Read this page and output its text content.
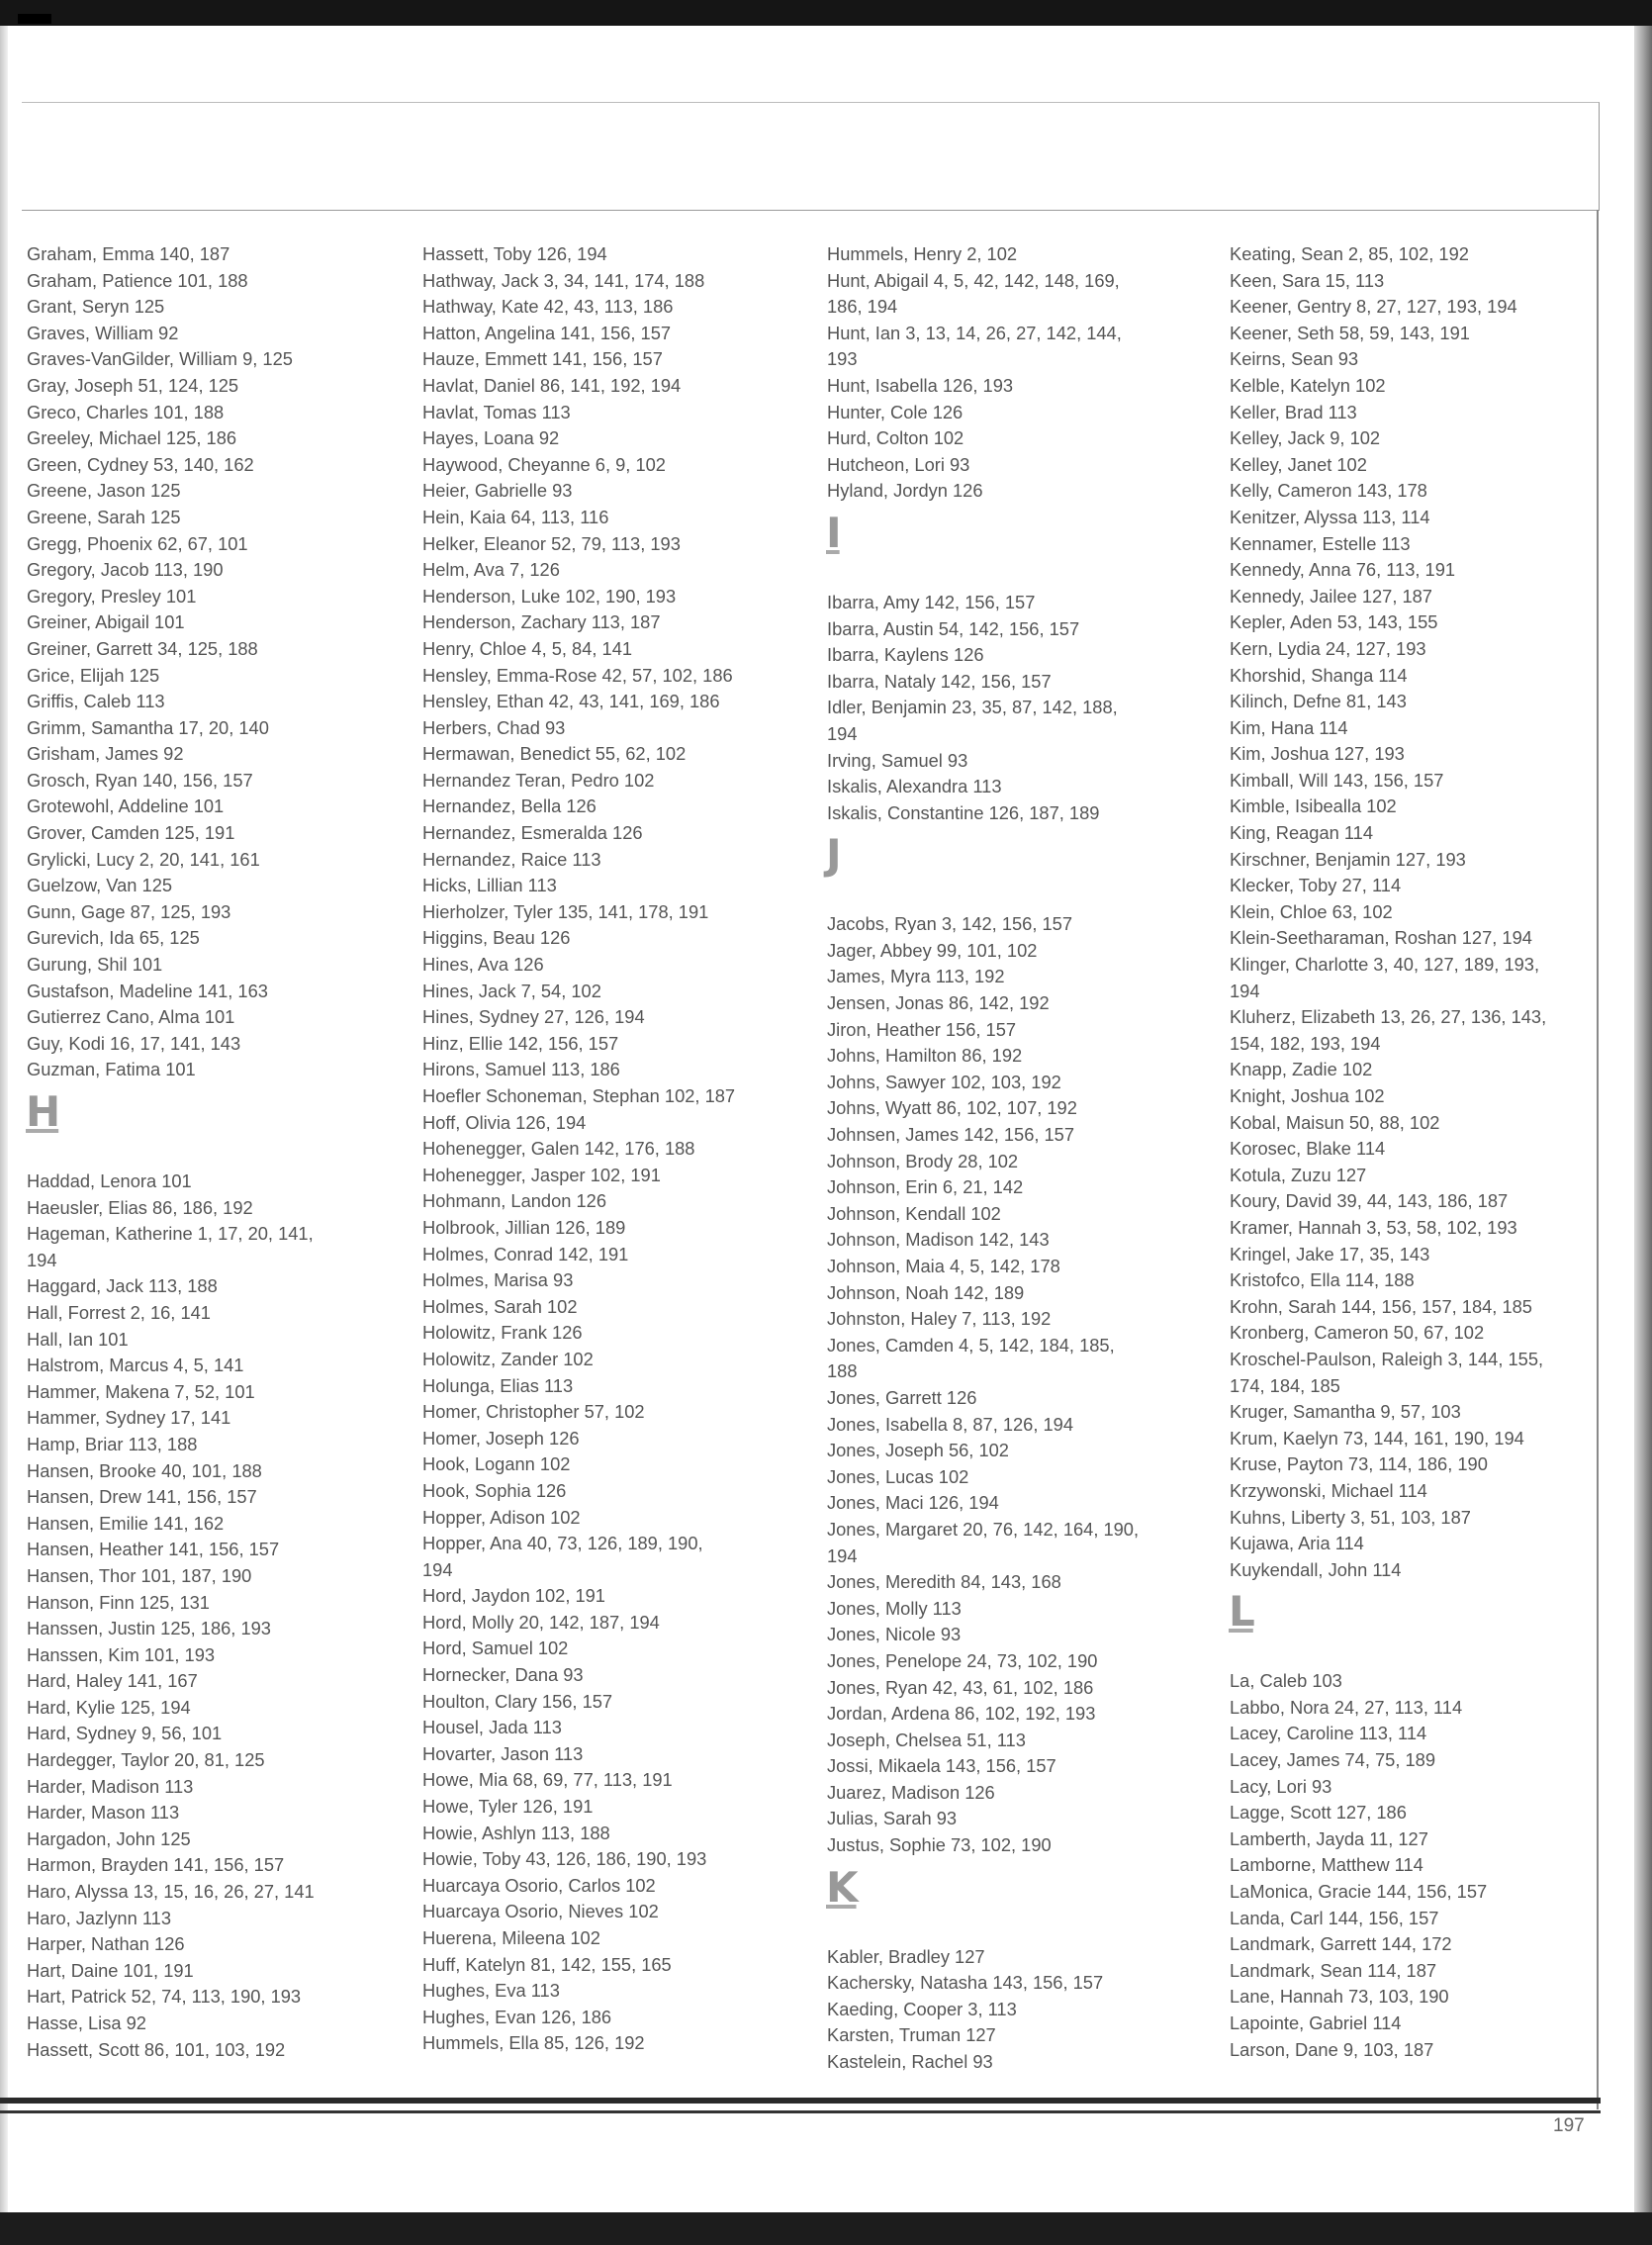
Graham, Emma 140, 187
Graham, Patience 101, 188
Grant, Seryn 125
Graves, William 92
Graves-VanGilder, William 9, 125
Gray, Joseph 51, 124, 125
Greco, Charles 101, 188
Greeley, Michael 125, 186
Green, Cydney 53, 140, 162
Greene, Jason 125
Greene, Sarah 125
Gregg, Phoenix 62, 67, 101
Gregory, Jacob 113, 190
Gregory, Presley 101
Greiner, Abigail 101
Greiner, Garrett 34, 125, 188
Grice, Elijah 125
Griffis, Caleb 113
Grimm, Samantha 17, 20, 140
Grisham, James 92
Grosch, Ryan 140, 156, 157
Grotewohl, Addeline 101
Grover, Camden 125, 191
Grylicki, Lucy 2, 20, 141, 161
Guelzow, Van 125
Gunn, Gage 87, 125, 193
Gurevich, Ida 65, 125
Gurung, Shil 101
Gustafson, Madeline 141, 163
Gutierrez Cano, Alma 101
Guy, Kodi 16, 17, 141, 143
Guzman, Fatima 101
H
Haddad, Lenora 101
Haeusler, Elias 86, 186, 192
Hageman, Katherine 1, 17, 20, 141,
194
Haggard, Jack 113, 188
Hall, Forrest 2, 16, 141
Hall, Ian 101
Halstrom, Marcus 4, 5, 141
Hammer, Makena 7, 52, 101
Hammer, Sydney 17, 141
Hamp, Briar 113, 188
Hansen, Brooke 40, 101, 188
Hansen, Drew 141, 156, 157
Hansen, Emilie 141, 162
Hansen, Heather 141, 156, 157
Hansen, Thor 101, 187, 190
Hanson, Finn 125, 131
Hanssen, Justin 125, 186, 193
Hanssen, Kim 101, 193
Hard, Haley 141, 167
Hard, Kylie 125, 194
Hard, Sydney 9, 56, 101
Hardegger, Taylor 20, 81, 125
Harder, Madison 113
Harder, Mason 113
Hargadon, John 125
Harmon, Brayden 141, 156, 157
Haro, Alyssa 13, 15, 16, 26, 27, 141
Haro, Jazlynn 113
Harper, Nathan 126
Hart, Daine 101, 191
Hart, Patrick 52, 74, 113, 190, 193
Hasse, Lisa 92
Hassett, Scott 86, 101, 103, 192
Hassett, Toby 126, 194
Hathway, Jack 3, 34, 141, 174, 188
Hathway, Kate 42, 43, 113, 186
Hatton, Angelina 141, 156, 157
Hauze, Emmett 141, 156, 157
Havlat, Daniel 86, 141, 192, 194
Havlat, Tomas 113
Hayes, Loana 92
Haywood, Cheyanne 6, 9, 102
Heier, Gabrielle 93
Hein, Kaia 64, 113, 116
Helker, Eleanor 52, 79, 113, 193
Helm, Ava 7, 126
Henderson, Luke 102, 190, 193
Henderson, Zachary 113, 187
Henry, Chloe 4, 5, 84, 141
Hensley, Emma-Rose 42, 57, 102, 186
Hensley, Ethan 42, 43, 141, 169, 186
Herbers, Chad 93
Hermawan, Benedict 55, 62, 102
Hernandez Teran, Pedro 102
Hernandez, Bella 126
Hernandez, Esmeralda 126
Hernandez, Raice 113
Hicks, Lillian 113
Hierholzer, Tyler 135, 141, 178, 191
Higgins, Beau 126
Hines, Ava 126
Hines, Jack 7, 54, 102
Hines, Sydney 27, 126, 194
Hinz, Ellie 142, 156, 157
Hirons, Samuel 113, 186
Hoefler Schoneman, Stephan 102, 187
Hoff, Olivia 126, 194
Hohenegger, Galen 142, 176, 188
Hohenegger, Jasper 102, 191
Hohmann, Landon 126
Holbrook, Jillian 126, 189
Holmes, Conrad 142, 191
Holmes, Marisa 93
Holmes, Sarah 102
Holowitz, Frank 126
Holowitz, Zander 102
Holunga, Elias 113
Homer, Christopher 57, 102
Homer, Joseph 126
Hook, Logann 102
Hook, Sophia 126
Hopper, Adison 102
Hopper, Ana 40, 73, 126, 189, 190,
194
Hord, Jaydon 102, 191
Hord, Molly 20, 142, 187, 194
Hord, Samuel 102
Hornecker, Dana 93
Houlton, Clary 156, 157
Housel, Jada 113
Hovarter, Jason 113
Howe, Mia 68, 69, 77, 113, 191
Howe, Tyler 126, 191
Howie, Ashlyn 113, 188
Howie, Toby 43, 126, 186, 190, 193
Huarcaya Osorio, Carlos 102
Huarcaya Osorio, Nieves 102
Huerena, Mileena 102
Huff, Katelyn 81, 142, 155, 165
Hughes, Eva 113
Hughes, Evan 126, 186
Hummels, Ella 85, 126, 192
Hummels, Henry 2, 102
Hunt, Abigail 4, 5, 42, 142, 148, 169,
186, 194
Hunt, Ian 3, 13, 14, 26, 27, 142, 144,
193
Hunt, Isabella 126, 193
Hunter, Cole 126
Hurd, Colton 102
Hutcheon, Lori 93
Hyland, Jordyn 126
I
Ibarra, Amy 142, 156, 157
Ibarra, Austin 54, 142, 156, 157
Ibarra, Kaylens 126
Ibarra, Nataly 142, 156, 157
Idler, Benjamin 23, 35, 87, 142, 188,
194
Irving, Samuel 93
Iskalis, Alexandra 113
Iskalis, Constantine 126, 187, 189
J
Jacobs, Ryan 3, 142, 156, 157
Jager, Abbey 99, 101, 102
James, Myra 113, 192
Jensen, Jonas 86, 142, 192
Jiron, Heather 156, 157
Johns, Hamilton 86, 192
Johns, Sawyer 102, 103, 192
Johns, Wyatt 86, 102, 107, 192
Johnsen, James 142, 156, 157
Johnson, Brody 28, 102
Johnson, Erin 6, 21, 142
Johnson, Kendall 102
Johnson, Madison 142, 143
Johnson, Maia 4, 5, 142, 178
Johnson, Noah 142, 189
Johnston, Haley 7, 113, 192
Jones, Camden 4, 5, 142, 184, 185,
188
Jones, Garrett 126
Jones, Isabella 8, 87, 126, 194
Jones, Joseph 56, 102
Jones, Lucas 102
Jones, Maci 126, 194
Jones, Margaret 20, 76, 142, 164, 190,
194
Jones, Meredith 84, 143, 168
Jones, Molly 113
Jones, Nicole 93
Jones, Penelope 24, 73, 102, 190
Jones, Ryan 42, 43, 61, 102, 186
Jordan, Ardena 86, 102, 192, 193
Joseph, Chelsea 51, 113
Jossi, Mikaela 143, 156, 157
Juarez, Madison 126
Julias, Sarah 93
Justus, Sophie 73, 102, 190
K
Kabler, Bradley 127
Kachersky, Natasha 143, 156, 157
Kaeding, Cooper 3, 113
Karsten, Truman 127
Kastelein, Rachel 93
Keating, Sean 2, 85, 102, 192
Keen, Sara 15, 113
Keener, Gentry 8, 27, 127, 193, 194
Keener, Seth 58, 59, 143, 191
Keirns, Sean 93
Kelble, Katelyn 102
Keller, Brad 113
Kelley, Jack 9, 102
Kelley, Janet 102
Kelly, Cameron 143, 178
Kenitzer, Alyssa 113, 114
Kennamer, Estelle 113
Kennedy, Anna 76, 113, 191
Kennedy, Jailee 127, 187
Kepler, Aden 53, 143, 155
Kern, Lydia 24, 127, 193
Khorshid, Shanga 114
Kilinch, Defne 81, 143
Kim, Hana 114
Kim, Joshua 127, 193
Kimball, Will 143, 156, 157
Kimble, Isibealla 102
King, Reagan 114
Kirschner, Benjamin 127, 193
Klecker, Toby 27, 114
Klein, Chloe 63, 102
Klein-Seetharaman, Roshan 127, 194
Klinger, Charlotte 3, 40, 127, 189, 193,
194
Kluherz, Elizabeth 13, 26, 27, 136, 143,
154, 182, 193, 194
Knapp, Zadie 102
Knight, Joshua 102
Kobal, Maisun 50, 88, 102
Korosec, Blake 114
Kotula, Zuzu 127
Koury, David 39, 44, 143, 186, 187
Kramer, Hannah 3, 53, 58, 102, 193
Kringel, Jake 17, 35, 143
Kristofco, Ella 114, 188
Krohn, Sarah 144, 156, 157, 184, 185
Kronberg, Cameron 50, 67, 102
Kroschel-Paulson, Raleigh 3, 144, 155,
174, 184, 185
Kruger, Samantha 9, 57, 103
Krum, Kaelyn 73, 144, 161, 190, 194
Kruse, Payton 73, 114, 186, 190
Krzywonski, Michael 114
Kuhns, Liberty 3, 51, 103, 187
Kujawa, Aria 114
Kuykendall, John 114
L
La, Caleb 103
Labbo, Nora 24, 27, 113, 114
Lacey, Caroline 113, 114
Lacey, James 74, 75, 189
Lacy, Lori 93
Lagge, Scott 127, 186
Lamberth, Jayda 11, 127
Lamborne, Matthew 114
LaMonica, Gracie 144, 156, 157
Landa, Carl 144, 156, 157
Landmark, Garrett 144, 172
Landmark, Sean 114, 187
Lane, Hannah 73, 103, 190
Lapointe, Gabriel 114
Larson, Dane 9, 103, 187
197
